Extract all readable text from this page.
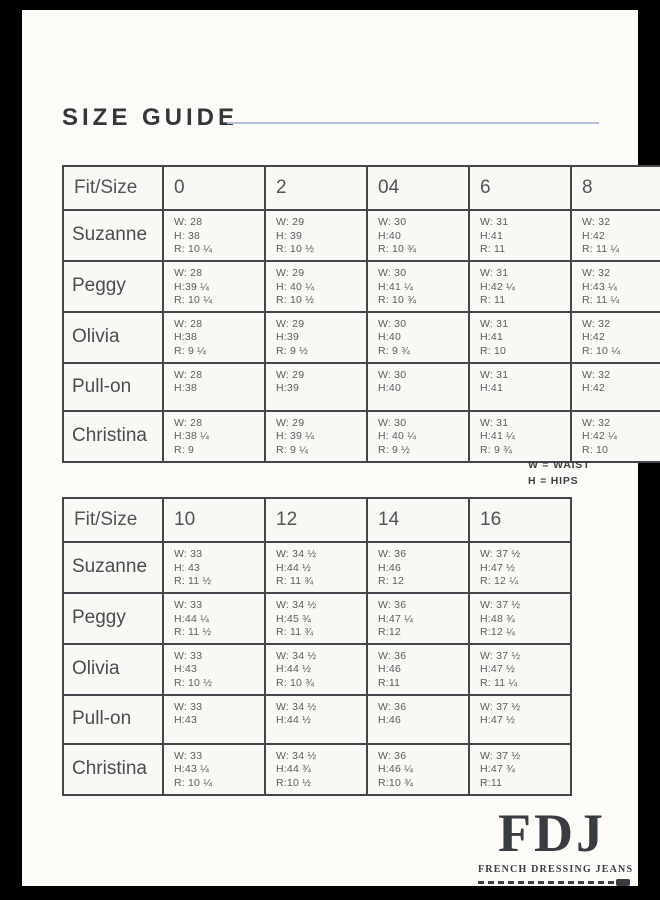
SIZE GUIDE
Fit/Size	0	2	04	6	8
Suzanne	
W: 28
H: 38
R: 10 ¼

W: 29
H: 39
R: 10 ½

W: 30
H:40
R: 10 ¾

W: 31
H:41
R: 11

W: 32
H:42
R: 11 ¼

Peggy	
W: 28
H:39 ¼
R: 10 ¼

W: 29
H: 40 ¼
R: 10 ½

W: 30
H:41 ¼
R: 10 ¾

W: 31
H:42 ¼
R: 11

W: 32
H:43 ¼
R: 11 ¼

Olivia	
W: 28
H:38
R: 9 ¼

W: 29
H:39
R: 9 ½

W: 30
H:40
R: 9 ¾

W: 31
H:41
R: 10

W: 32
H:42
R: 10 ¼

Pull-on	
W: 28
H:38

W: 29
H:39

W: 30
H:40

W: 31
H:41

W: 32
H:42

Christina	
W: 28
H:38 ¼
R: 9

W: 29
H: 39 ¼
R: 9 ¼

W: 30
H: 40 ¼
R: 9 ½

W: 31
H:41 ¼
R: 9 ¾

W: 32
H:42 ¼
R: 10
W = WAIST
H = HIPS
Fit/Size	10	12	14	16
Suzanne	
W: 33
H: 43
R: 11 ½

W: 34 ½
H:44 ½
R: 11 ¾

W: 36
H:46
R: 12

W: 37 ½
H:47 ½
R: 12 ¼

Peggy	
W: 33
H:44 ¼
R: 11 ½

W: 34 ½
H:45 ¾
R: 11 ¾

W: 36
H:47 ¼
R:12

W: 37 ½
H:48 ¾
R:12 ¼

Olivia	
W: 33
H:43
R: 10 ½

W: 34 ½
H:44 ½
R: 10 ¾

W: 36
H:46
R:11

W: 37 ½
H:47 ½
R: 11 ¼

Pull-on	
W: 33
H:43

W: 34 ½
H:44 ½

W: 36
H:46

W: 37 ½
H:47 ½

Christina	
W: 33
H:43 ¼
R: 10 ¼

W: 34 ½
H:44 ¾
R:10 ½

W: 36
H:46 ¼
R:10 ¾

W: 37 ½
H:47 ¾
R:11
FDJ
FRENCH DRESSING JEANS
